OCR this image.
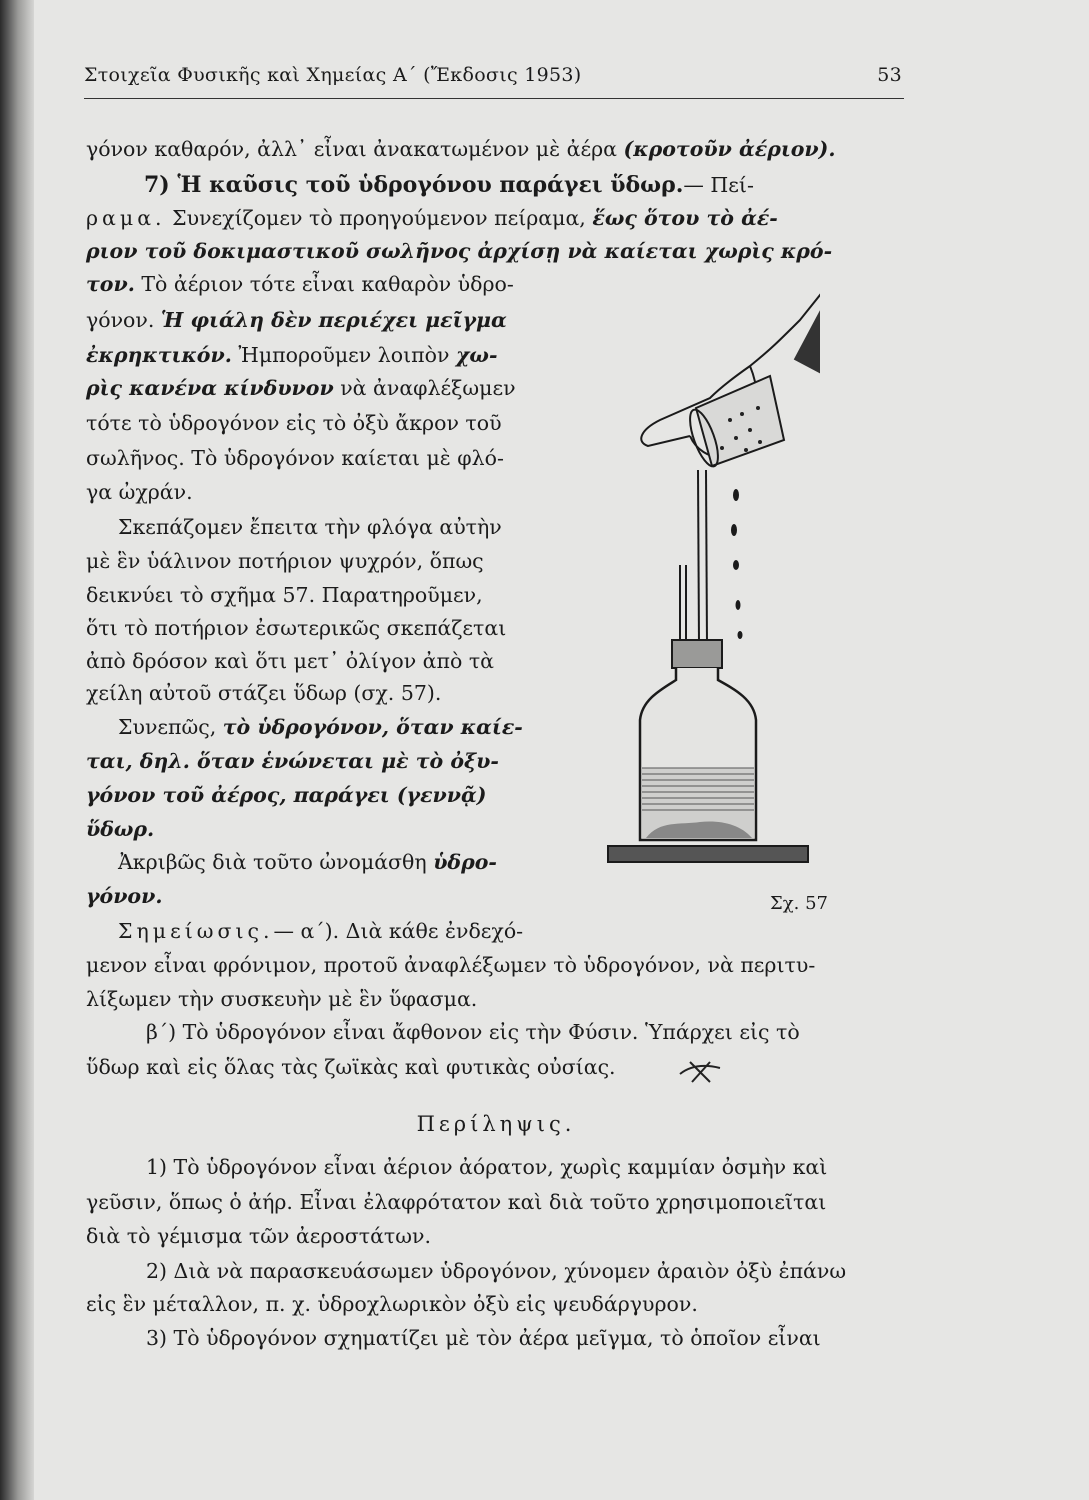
Στοιχεῖα Φυσικῆς καὶ Χημείας Α΄ (Ἔκδοσις 1953)	53

γόνον καθαρόν, ἀλλ᾽ εἶναι ἀνακατωμένον μὲ ἀέρα (κροτοῦν ἀέριον).

7) Ἡ καῦσις τοῦ ὑδρογόνου παράγει ὕδωρ.— Πεί-

ραμα. Συνεχίζομεν τὸ προηγούμενον πείραμα, ἕως ὅτου τὸ ἀέ-

ριον τοῦ δοκιμαστικοῦ σωλῆνος ἀρχίσῃ νὰ καίεται χωρὶς κρό-

τον. Τὸ ἀέριον τότε εἶναι καθαρὸν ὑδρο-

γόνον. Ἡ φιάλη δὲν περιέχει μεῖγμα

ἐκρηκτικόν. Ἠμποροῦμεν λοιπὸν χω-

ρὶς κανένα κίνδυνον νὰ ἀναφλέξωμεν

τότε τὸ ὑδρογόνον εἰς τὸ ὀξὺ ἄκρον τοῦ

σωλῆνος. Τὸ ὑδρογόνον καίεται μὲ φλό-

γα ὠχράν.

Σκεπάζομεν ἔπειτα τὴν φλόγα αὐτὴν

μὲ ἓν ὑάλινον ποτήριον ψυχρόν, ὅπως

δεικνύει τὸ σχῆμα 57. Παρατηροῦμεν,

ὅτι τὸ ποτήριον ἐσωτερικῶς σκεπάζεται

ἀπὸ δρόσον καὶ ὅτι μετ᾽ ὀλίγον ἀπὸ τὰ

χείλη αὐτοῦ στάζει ὕδωρ (σχ. 57).

Συνεπῶς, τὸ ὑδρογόνον, ὅταν καίε-

ται, δηλ. ὅταν ἑνώνεται μὲ τὸ ὀξυ-

γόνον τοῦ ἀέρος, παράγει (γεννᾷ)

ὕδωρ.

Ἀκριβῶς διὰ τοῦτο ὠνομάσθη ὑδρο-

γόνον.

Σημείωσις.— α΄). Διὰ κάθε ἐνδεχό-

μενον εἶναι φρόνιμον, προτοῦ ἀναφλέξωμεν τὸ ὑδρογόνον, νὰ περιτυ-

λίξωμεν τὴν συσκευὴν μὲ ἓν ὕφασμα.

β΄) Τὸ ὑδρογόνον εἶναι ἄφθονον εἰς τὴν Φύσιν. Ὑπάρχει εἰς τὸ

ὕδωρ καὶ εἰς ὅλας τὰς ζωϊκὰς καὶ φυτικὰς οὐσίας.

Περίληψις.

1) Τὸ ὑδρογόνον εἶναι ἀέριον ἀόρατον, χωρὶς καμμίαν ὀσμὴν καὶ

γεῦσιν, ὅπως ὁ ἀήρ. Εἶναι ἐλαφρότατον καὶ διὰ τοῦτο χρησιμοποιεῖται

διὰ τὸ γέμισμα τῶν ἀεροστάτων.

2) Διὰ νὰ παρασκευάσωμεν ὑδρογόνον, χύνομεν ἀραιὸν ὀξὺ ἐπάνω

εἰς ἓν μέταλλον, π. χ. ὑδροχλωρικὸν ὀξὺ εἰς ψευδάργυρον.

3) Τὸ ὑδρογόνον σχηματίζει μὲ τὸν ἀέρα μεῖγμα, τὸ ὁποῖον εἶναι

Σχ. 57
